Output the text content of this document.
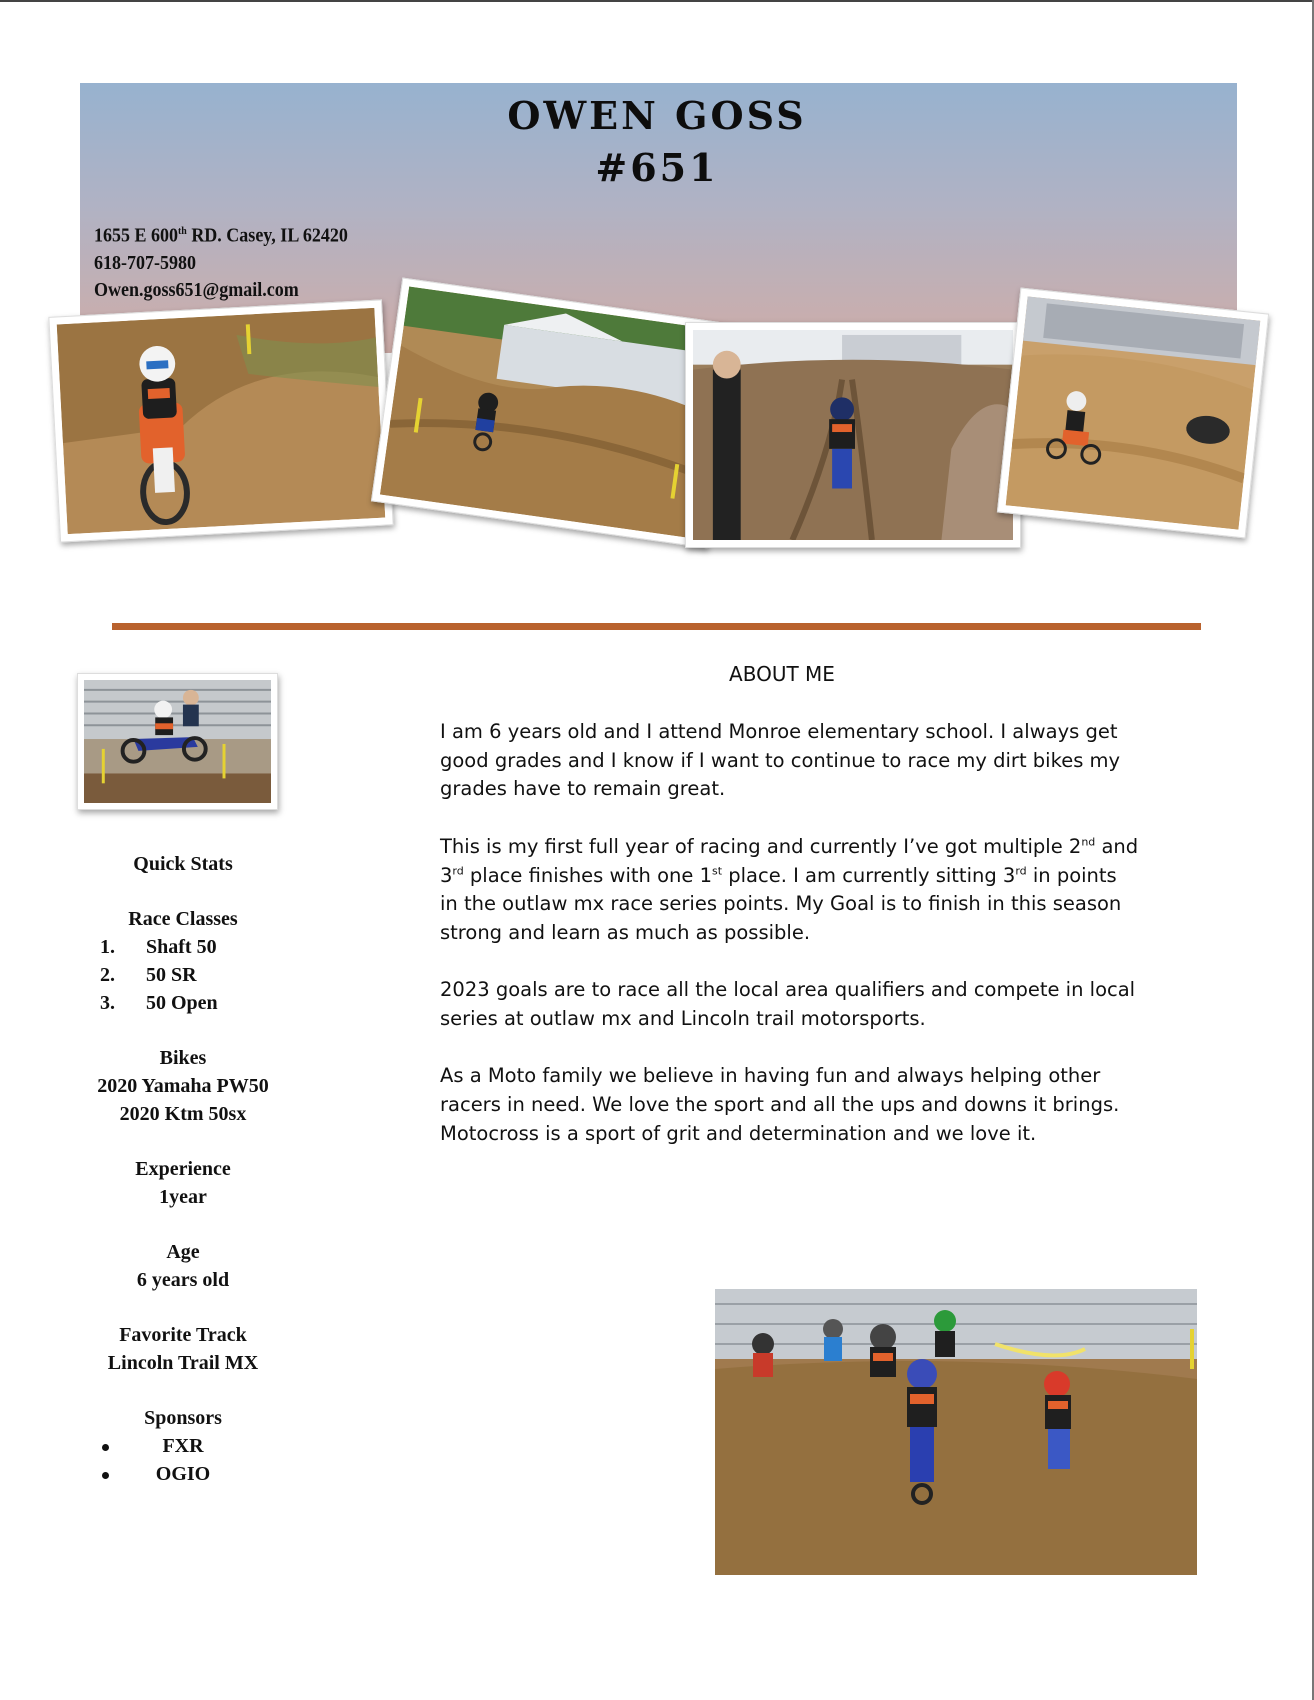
OWEN GOSS
#651
1655 E 600th RD. Casey, IL 62420
618-707-5980
Owen.goss651@gmail.com
Quick Stats
Race Classes
1.	Shaft 50
2.	50 SR
3.	50 Open
Bikes
2020 Yamaha PW50
2020 Ktm 50sx
Experience
1year
Age
6 years old
Favorite Track
Lincoln Trail MX
Sponsors
FXR
OGIO
ABOUT ME

I am 6 years old and I attend Monroe elementary school. I always get good grades and I know if I want to continue to race my dirt bikes my grades have to remain great.

This is my first full year of racing and currently I’ve got multiple 2nd and 3rd place finishes with one 1st place. I am currently sitting 3rd in points in the outlaw mx race series points. My Goal is to finish in this season strong and learn as much as possible.

2023 goals are to race all the local area qualifiers and compete in local series at outlaw mx and Lincoln trail motorsports.

As a Moto family we believe in having fun and always helping other racers in need. We love the sport and all the ups and downs it brings. Motocross is a sport of grit and determination and we love it.
